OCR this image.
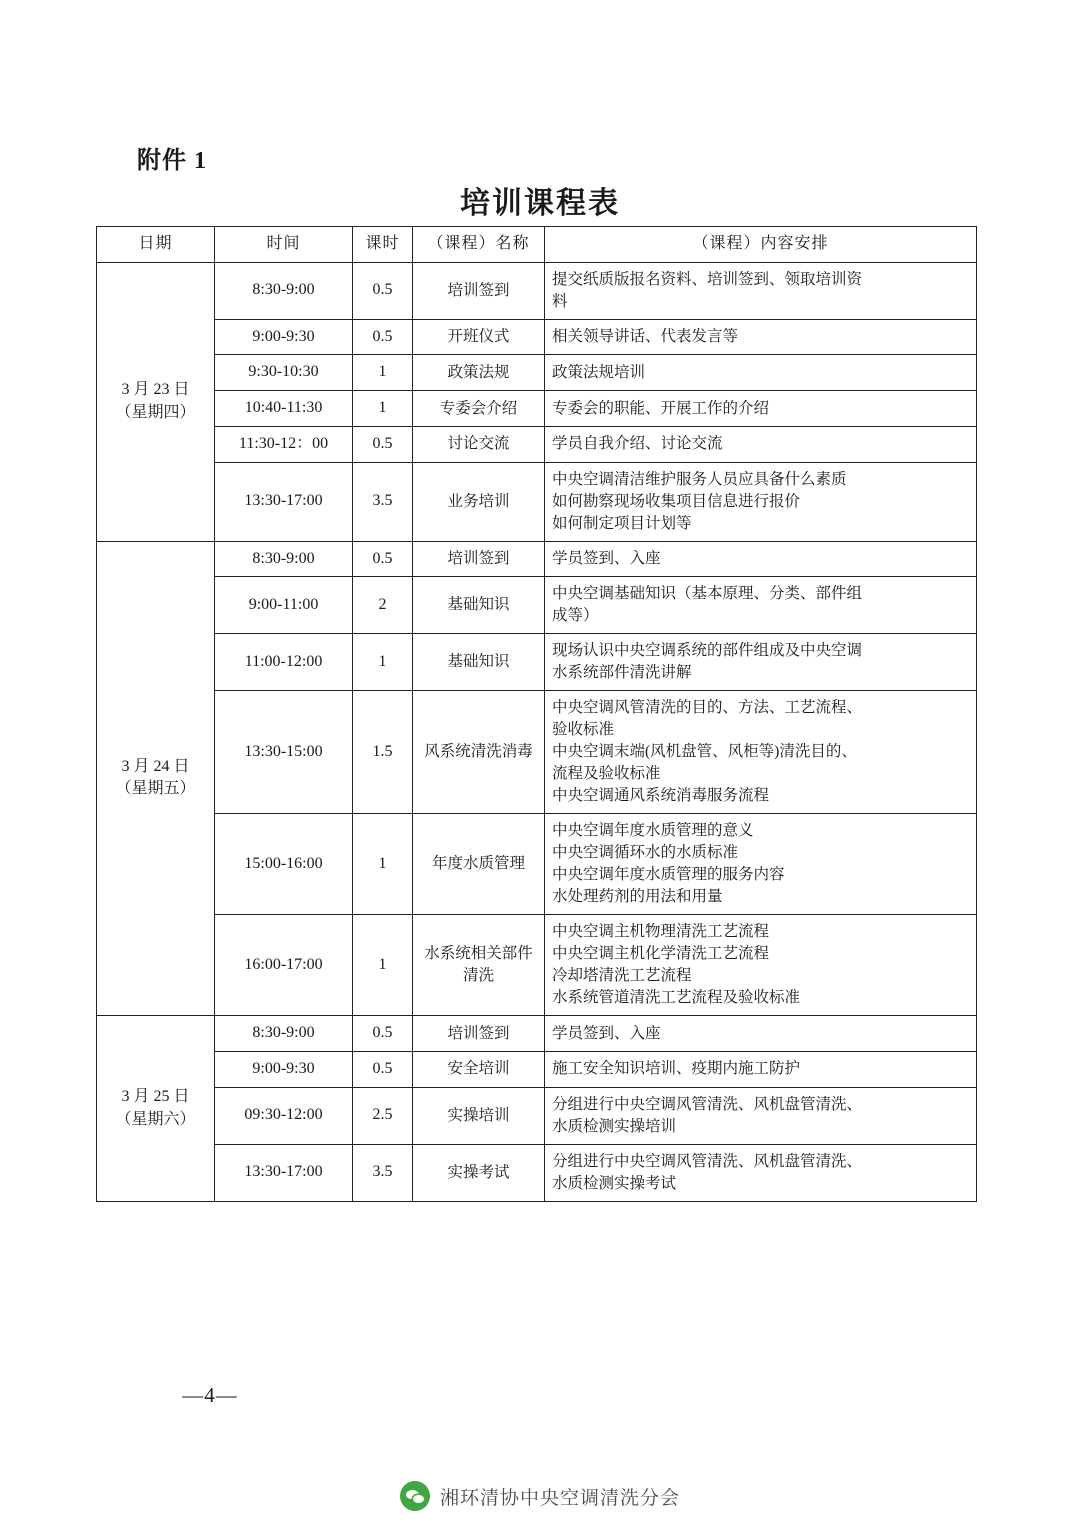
附件 1
培训课程表
日期	时间	课时	（课程）名称	（课程）内容安排

3 月 23 日
（星期四）	8:30-9:00	0.5	培训签到	提交纸质版报名资料、培训签到、领取培训资
料

	9:00-9:30	0.5	开班仪式	相关领导讲话、代表发言等

	9:30-10:30	1	政策法规	政策法规培训

	10:40-11:30	1	专委会介绍	专委会的职能、开展工作的介绍

	11:30-12：00	0.5	讨论交流	学员自我介绍、讨论交流

	13:30-17:00	3.5	业务培训	中央空调清洁维护服务人员应具备什么素质
如何勘察现场收集项目信息进行报价
如何制定项目计划等

3 月 24 日
（星期五）	8:30-9:00	0.5	培训签到	学员签到、入座

	9:00-11:00	2	基础知识	中央空调基础知识（基本原理、分类、部件组
成等）

	11:00-12:00	1	基础知识	现场认识中央空调系统的部件组成及中央空调
水系统部件清洗讲解

	13:30-15:00	1.5	风系统清洗消毒	中央空调风管清洗的目的、方法、工艺流程、
验收标准
中央空调末端(风机盘管、风柜等)清洗目的、
流程及验收标准
中央空调通风系统消毒服务流程

	15:00-16:00	1	年度水质管理	中央空调年度水质管理的意义
中央空调循环水的水质标准
中央空调年度水质管理的服务内容
水处理药剂的用法和用量

	16:00-17:00	1	水系统相关部件清洗	中央空调主机物理清洗工艺流程
中央空调主机化学清洗工艺流程
冷却塔清洗工艺流程
水系统管道清洗工艺流程及验收标准

3 月 25 日
（星期六）	8:30-9:00	0.5	培训签到	学员签到、入座

	9:00-9:30	0.5	安全培训	施工安全知识培训、疫期内施工防护

	09:30-12:00	2.5	实操培训	分组进行中央空调风管清洗、风机盘管清洗、
水质检测实操培训

	13:30-17:00	3.5	实操考试	分组进行中央空调风管清洗、风机盘管清洗、
水质检测实操考试
—4—
湘环清协中央空调清洗分会
